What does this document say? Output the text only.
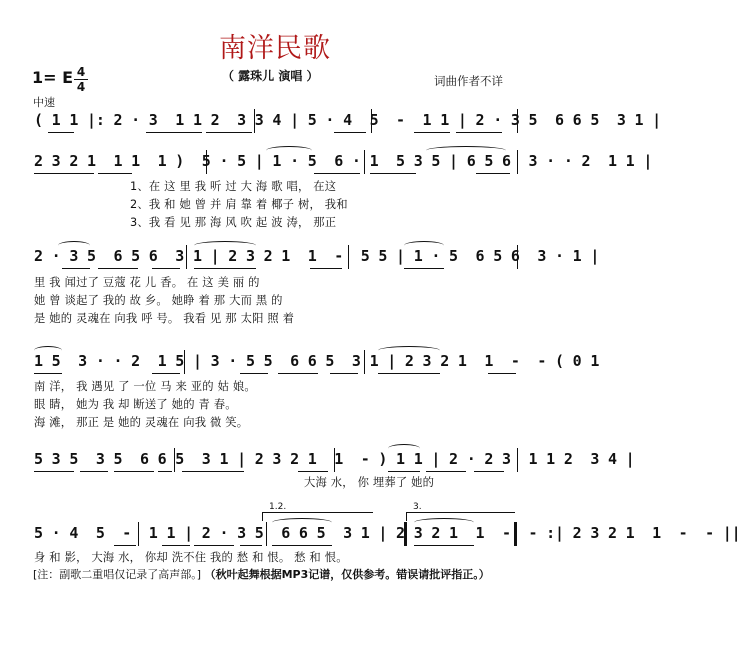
南洋民歌
（ 露珠儿 演唱 ）	词曲作者不详
1= E 4
4
中速
( 1 1 |: 2 · 3  1 1 2  3 3 4 | 5 · 4  5  -  1 1 | 2 · 3 5  6 6 5  3 1 |
2 3 2 1  1 1  1 )  5 · 5 | 1 · 5  6 · 1  5 3 5 | 6 5 6  3 · · 2  1 1 |
1、在 这 里 我 听 过 大 海 歌 唱， 在这
2、我 和 她 曾 并 肩 靠 着 椰子 树， 我和
3、我 看 见 那 海 风 吹 起 波 涛， 那正
2 · 3 5  6 5 6  3 1 | 2 3 2 1  1  -  5 5 | 1 · 5  6 5 6  3 · 1 |
里 我 闻过了 豆蔻 花 儿 香。 在 这 美 丽 的
她 曾 谈起了 我的 故 乡。 她睁 着 那 大而 黑 的
是 她的 灵魂在 向我 呼 号。 我看 见 那 太阳 照 着
1 5  3 · · 2  1 5 | 3 · 5 5  6 6 5  3 1 | 2 3 2 1  1  -  - ( 0 1
南 洋， 我 遇见 了 一位 马 来 亚的 姑 娘。
眼 睛， 她为 我 却 断送了 她的 青 春。
海 滩， 那正 是 她的 灵魂在 向我 微 笑。
5 3 5  3 5  6 6 5  3 1 | 2 3 2 1  1  - ) 1 1 | 2 · 2 3  1 1 2  3 4 |
大海 水， 你 埋葬了 她的
1.2.	3.
5 · 4  5  -  1 1 | 2 · 3 5  6 6 5  3 1 | 2 3 2 1  1  -  - :| 2 3 2 1  1  -  - ||
身 和 影， 大海 水， 你却 洗不住 我的 愁 和 恨。 愁 和 恨。
[注：副歌二重唱仅记录了高声部。] （秋叶起舞根据MP3记谱，仅供参考。错误请批评指正。）
